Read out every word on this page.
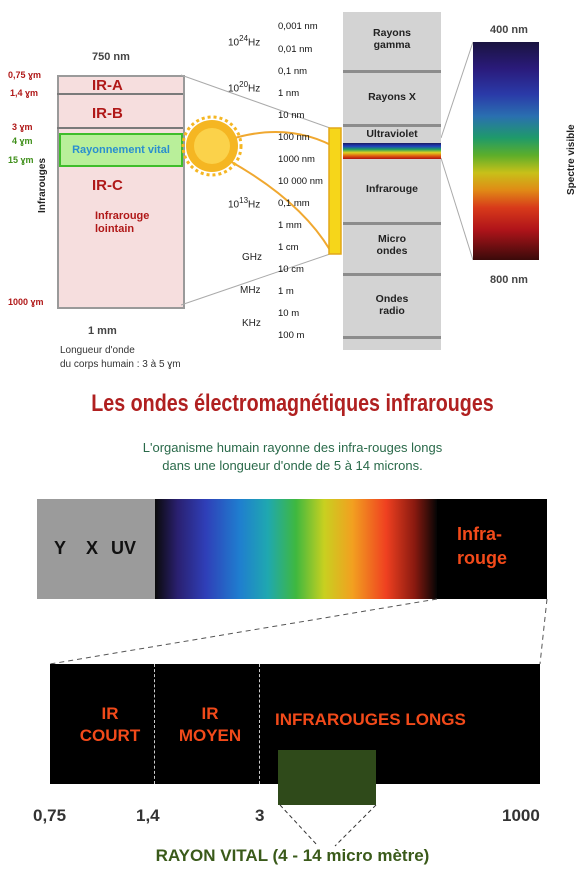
750 nm
IR-A
IR-B
Rayonnement vital
IR-C
Infrarouge lointain
1 mm
Infrarouges
0,75 ɣm
1,4 ɣm
3 ɣm
4 ɣm
15 ɣm
1000 ɣm
Longueur d'onde
du corps humain : 3 à 5 ɣm
$10^{24}Hz$
$10^{20}Hz$
$10^{13}Hz$
GHz
MHz
KHz
0,001 nm
0,01 nm
0,1 nm
1 nm
10 nm
100 nm
1000 nm
10 000 nm
0,1 mm
1 mm
1 cm
10 cm
1 m
10 m
100 m
Rayons gamma
Rayons X
Ultraviolet
Infrarouge
Micro ondes
Ondes radio
400 nm
800 nm
Spectre visible
Les ondes électromagnétiques infrarouges
L'organisme humain rayonne des infra-rouges longs
dans une longueur d'onde de 5 à 14 microns.
Y X UV
Infra-
rouge
IR
COURT
IR
MOYEN
INFRAROUGES LONGS
0,75	1,4	3	1000
RAYON VITAL (4 - 14 micro mètre)
